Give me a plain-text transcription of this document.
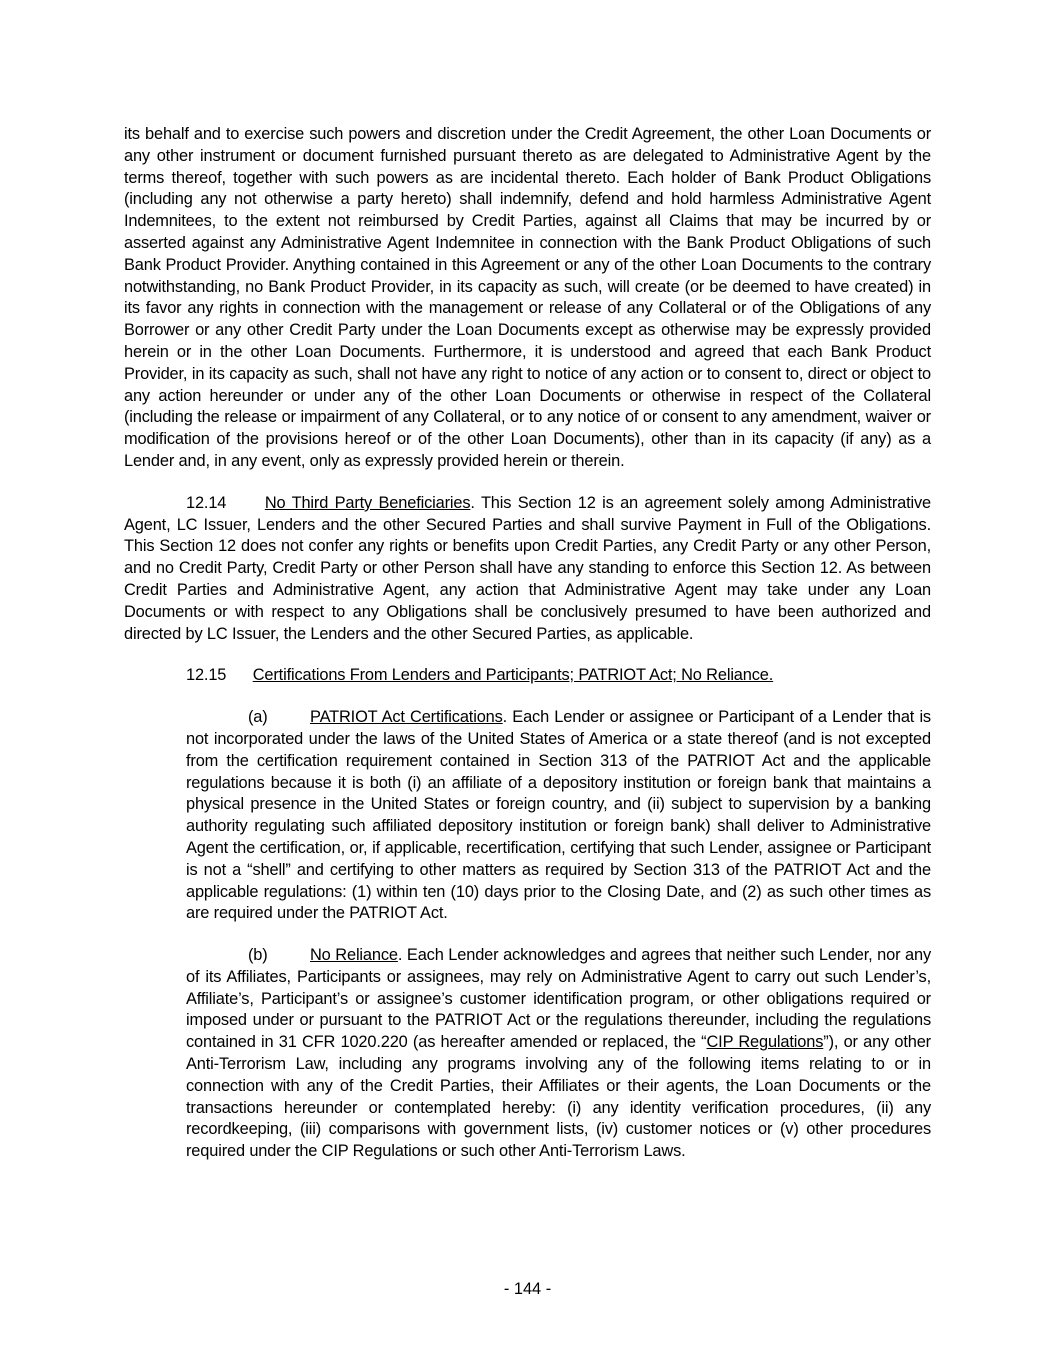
its behalf and to exercise such powers and discretion under the Credit Agreement, the other Loan Documents or any other instrument or document furnished pursuant thereto as are delegated to Administrative Agent by the terms thereof, together with such powers as are incidental thereto. Each holder of Bank Product Obligations (including any not otherwise a party hereto) shall indemnify, defend and hold harmless Administrative Agent Indemnitees, to the extent not reimbursed by Credit Parties, against all Claims that may be incurred by or asserted against any Administrative Agent Indemnitee in connection with the Bank Product Obligations of such Bank Product Provider. Anything contained in this Agreement or any of the other Loan Documents to the contrary notwithstanding, no Bank Product Provider, in its capacity as such, will create (or be deemed to have created) in its favor any rights in connection with the management or release of any Collateral or of the Obligations of any Borrower or any other Credit Party under the Loan Documents except as otherwise may be expressly provided herein or in the other Loan Documents. Furthermore, it is understood and agreed that each Bank Product Provider, in its capacity as such, shall not have any right to notice of any action or to consent to, direct or object to any action hereunder or under any of the other Loan Documents or otherwise in respect of the Collateral (including the release or impairment of any Collateral, or to any notice of or consent to any amendment, waiver or modification of the provisions hereof or of the other Loan Documents), other than in its capacity (if any) as a Lender and, in any event, only as expressly provided herein or therein.

12.14 No Third Party Beneficiaries. This Section 12 is an agreement solely among Administrative Agent, LC Issuer, Lenders and the other Secured Parties and shall survive Payment in Full of the Obligations. This Section 12 does not confer any rights or benefits upon Credit Parties, any Credit Party or any other Person, and no Credit Party, Credit Party or other Person shall have any standing to enforce this Section 12. As between Credit Parties and Administrative Agent, any action that Administrative Agent may take under any Loan Documents or with respect to any Obligations shall be conclusively presumed to have been authorized and directed by LC Issuer, the Lenders and the other Secured Parties, as applicable.

12.15 Certifications From Lenders and Participants; PATRIOT Act; No Reliance.

(a)	PATRIOT Act Certifications. Each Lender or assignee or Participant of a Lender that is not incorporated under the laws of the United States of America or a state thereof (and is not excepted from the certification requirement contained in Section 313 of the PATRIOT Act and the applicable regulations because it is both (i) an affiliate of a depository institution or foreign bank that maintains a physical presence in the United States or foreign country, and (ii) subject to supervision by a banking authority regulating such affiliated depository institution or foreign bank) shall deliver to Administrative Agent the certification, or, if applicable, recertification, certifying that such Lender, assignee or Participant is not a “shell” and certifying to other matters as required by Section 313 of the PATRIOT Act and the applicable regulations: (1) within ten (10) days prior to the Closing Date, and (2) as such other times as are required under the PATRIOT Act.

(b)	No Reliance. Each Lender acknowledges and agrees that neither such Lender, nor any of its Affiliates, Participants or assignees, may rely on Administrative Agent to carry out such Lender’s, Affiliate’s, Participant’s or assignee’s customer identification program, or other obligations required or imposed under or pursuant to the PATRIOT Act or the regulations thereunder, including the regulations contained in 31 CFR 1020.220 (as hereafter amended or replaced, the “CIP Regulations”), or any other Anti-Terrorism Law, including any programs involving any of the following items relating to or in connection with any of the Credit Parties, their Affiliates or their agents, the Loan Documents or the transactions hereunder or contemplated hereby: (i) any identity verification procedures, (ii) any recordkeeping, (iii) comparisons with government lists, (iv) customer notices or (v) other procedures required under the CIP Regulations or such other Anti-Terrorism Laws.

- 144 -
